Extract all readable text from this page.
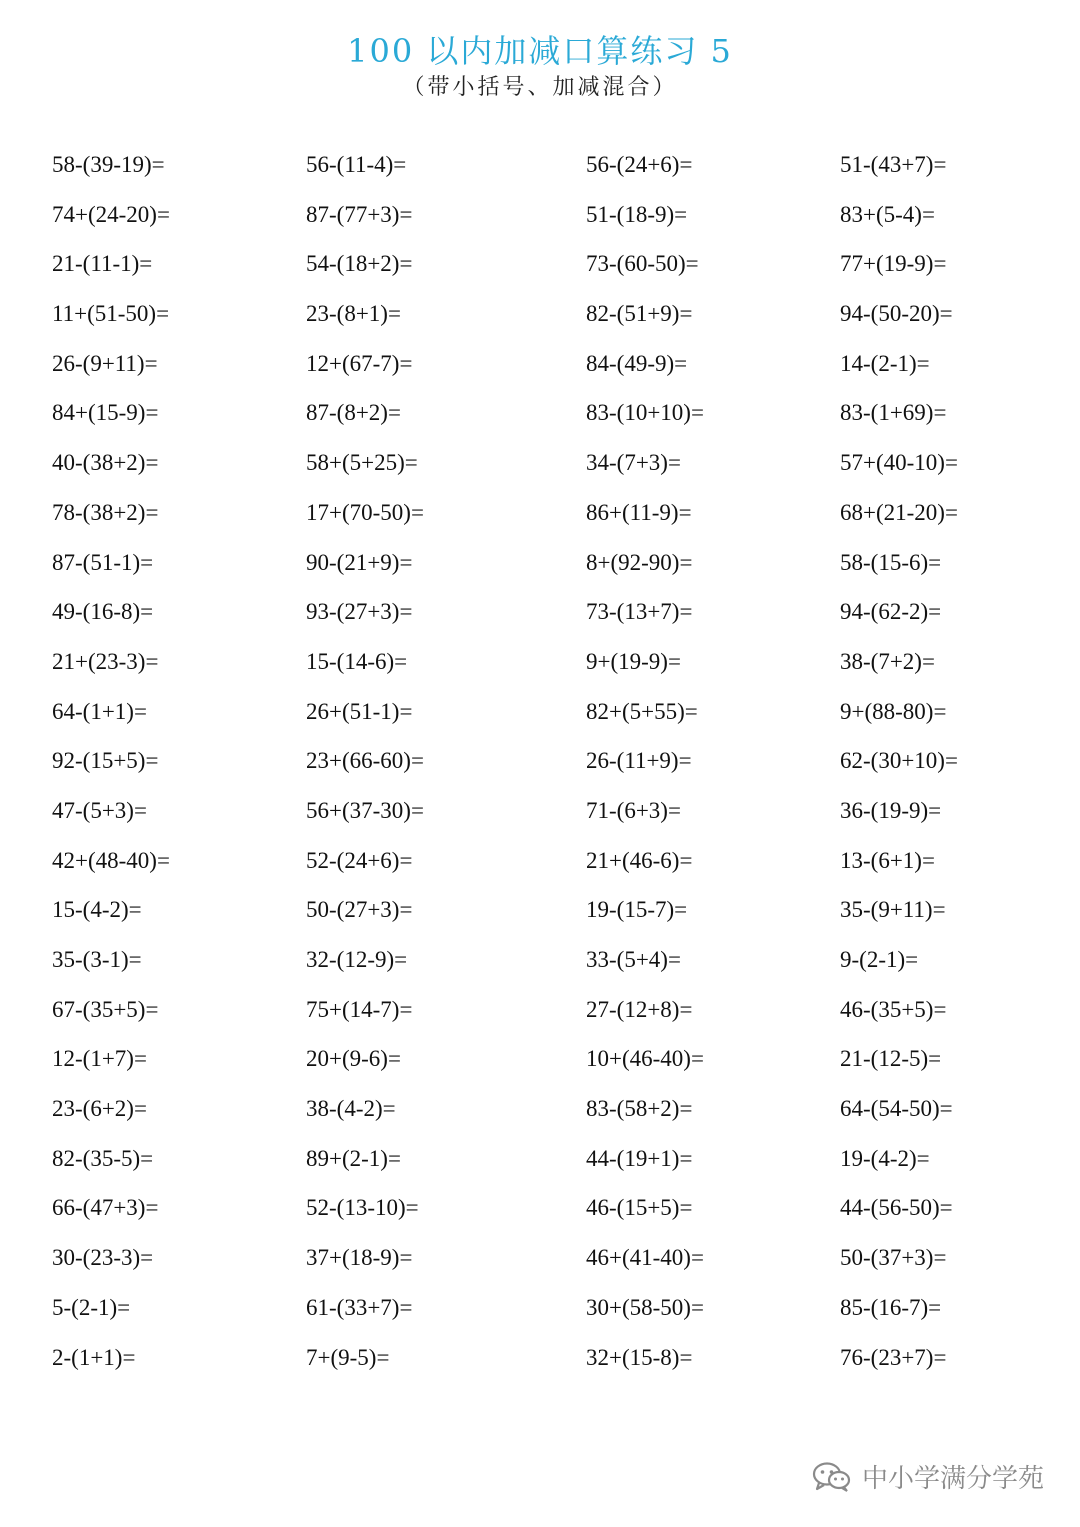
100 以内加减口算练习 5
（带小括号、加减混合）
58-(39-19)=	56-(11-4)=	56-(24+6)=	51-(43+7)=
74+(24-20)=	87-(77+3)=	51-(18-9)=	83+(5-4)=
21-(11-1)=	54-(18+2)=	73-(60-50)=	77+(19-9)=
11+(51-50)=	23-(8+1)=	82-(51+9)=	94-(50-20)=
26-(9+11)=	12+(67-7)=	84-(49-9)=	14-(2-1)=
84+(15-9)=	87-(8+2)=	83-(10+10)=	83-(1+69)=
40-(38+2)=	58+(5+25)=	34-(7+3)=	57+(40-10)=
78-(38+2)=	17+(70-50)=	86+(11-9)=	68+(21-20)=
87-(51-1)=	90-(21+9)=	8+(92-90)=	58-(15-6)=
49-(16-8)=	93-(27+3)=	73-(13+7)=	94-(62-2)=
21+(23-3)=	15-(14-6)=	9+(19-9)=	38-(7+2)=
64-(1+1)=	26+(51-1)=	82+(5+55)=	9+(88-80)=
92-(15+5)=	23+(66-60)=	26-(11+9)=	62-(30+10)=
47-(5+3)=	56+(37-30)=	71-(6+3)=	36-(19-9)=
42+(48-40)=	52-(24+6)=	21+(46-6)=	13-(6+1)=
15-(4-2)=	50-(27+3)=	19-(15-7)=	35-(9+11)=
35-(3-1)=	32-(12-9)=	33-(5+4)=	9-(2-1)=
67-(35+5)=	75+(14-7)=	27-(12+8)=	46-(35+5)=
12-(1+7)=	20+(9-6)=	10+(46-40)=	21-(12-5)=
23-(6+2)=	38-(4-2)=	83-(58+2)=	64-(54-50)=
82-(35-5)=	89+(2-1)=	44-(19+1)=	19-(4-2)=
66-(47+3)=	52-(13-10)=	46-(15+5)=	44-(56-50)=
30-(23-3)=	37+(18-9)=	46+(41-40)=	50-(37+3)=
5-(2-1)=	61-(33+7)=	30+(58-50)=	85-(16-7)=
2-(1+1)=	7+(9-5)=	32+(15-8)=	76-(23+7)=
中小学满分学苑
